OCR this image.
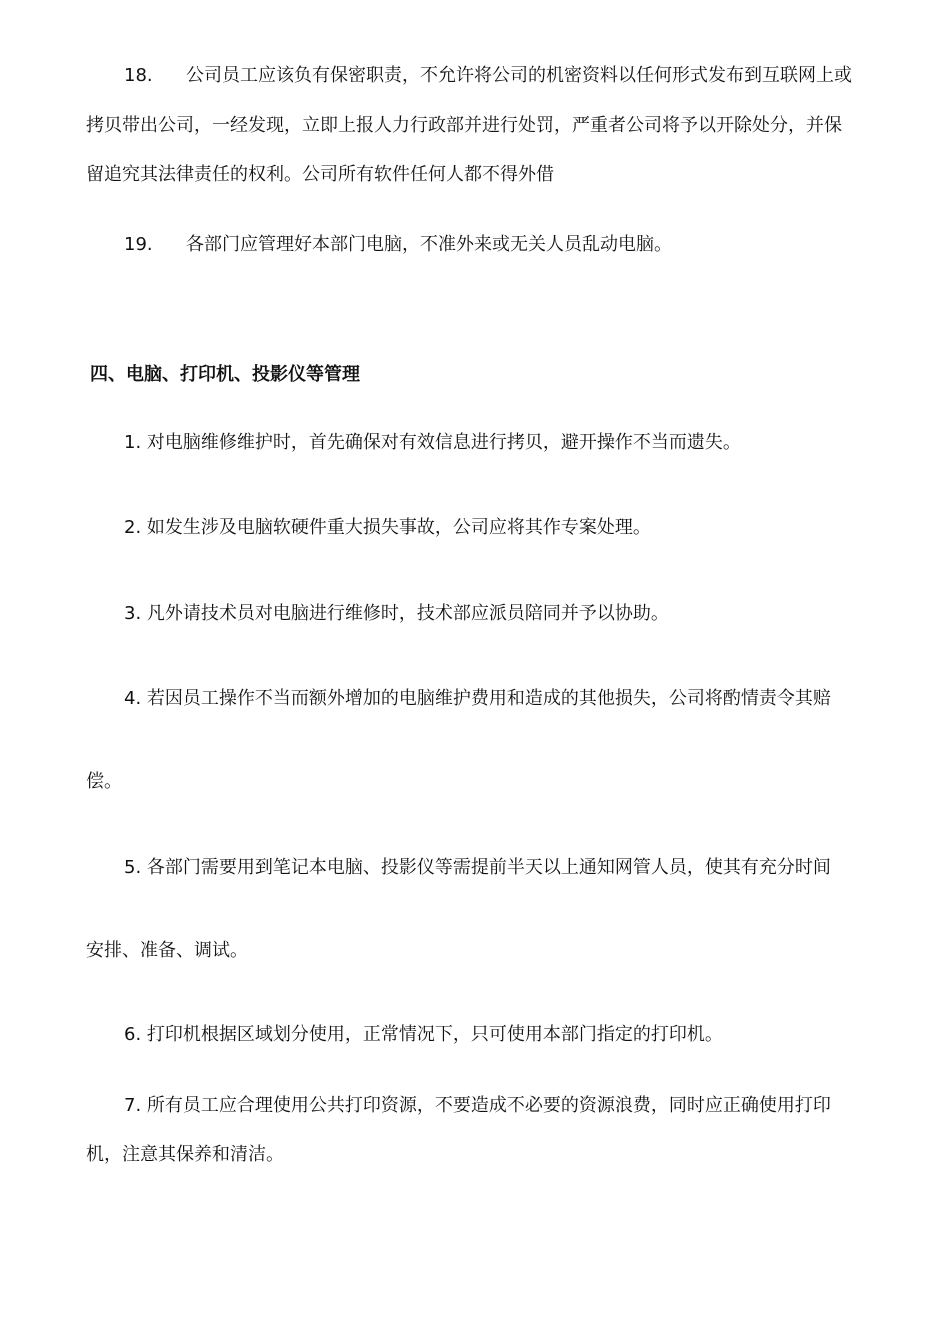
18. 公司员工应该负有保密职责，不允许将公司的机密资料以任何形式发布到互联网上或

拷贝带出公司，一经发现，立即上报人力行政部并进行处罚，严重者公司将予以开除处分，并保

留追究其法律责任的权利。公司所有软件任何人都不得外借

19. 各部门应管理好本部门电脑，不准外来或无关人员乱动电脑。

四、电脑、打印机、投影仪等管理

1. 对电脑维修维护时，首先确保对有效信息进行拷贝，避开操作不当而遗失。

2. 如发生涉及电脑软硬件重大损失事故，公司应将其作专案处理。

3. 凡外请技术员对电脑进行维修时，技术部应派员陪同并予以协助。

4. 若因员工操作不当而额外增加的电脑维护费用和造成的其他损失，公司将酌情责令其赔

偿。

5. 各部门需要用到笔记本电脑、投影仪等需提前半天以上通知网管人员，使其有充分时间

安排、准备、调试。

6. 打印机根据区域划分使用，正常情况下，只可使用本部门指定的打印机。

7. 所有员工应合理使用公共打印资源，不要造成不必要的资源浪费，同时应正确使用打印

机，注意其保养和清洁。
